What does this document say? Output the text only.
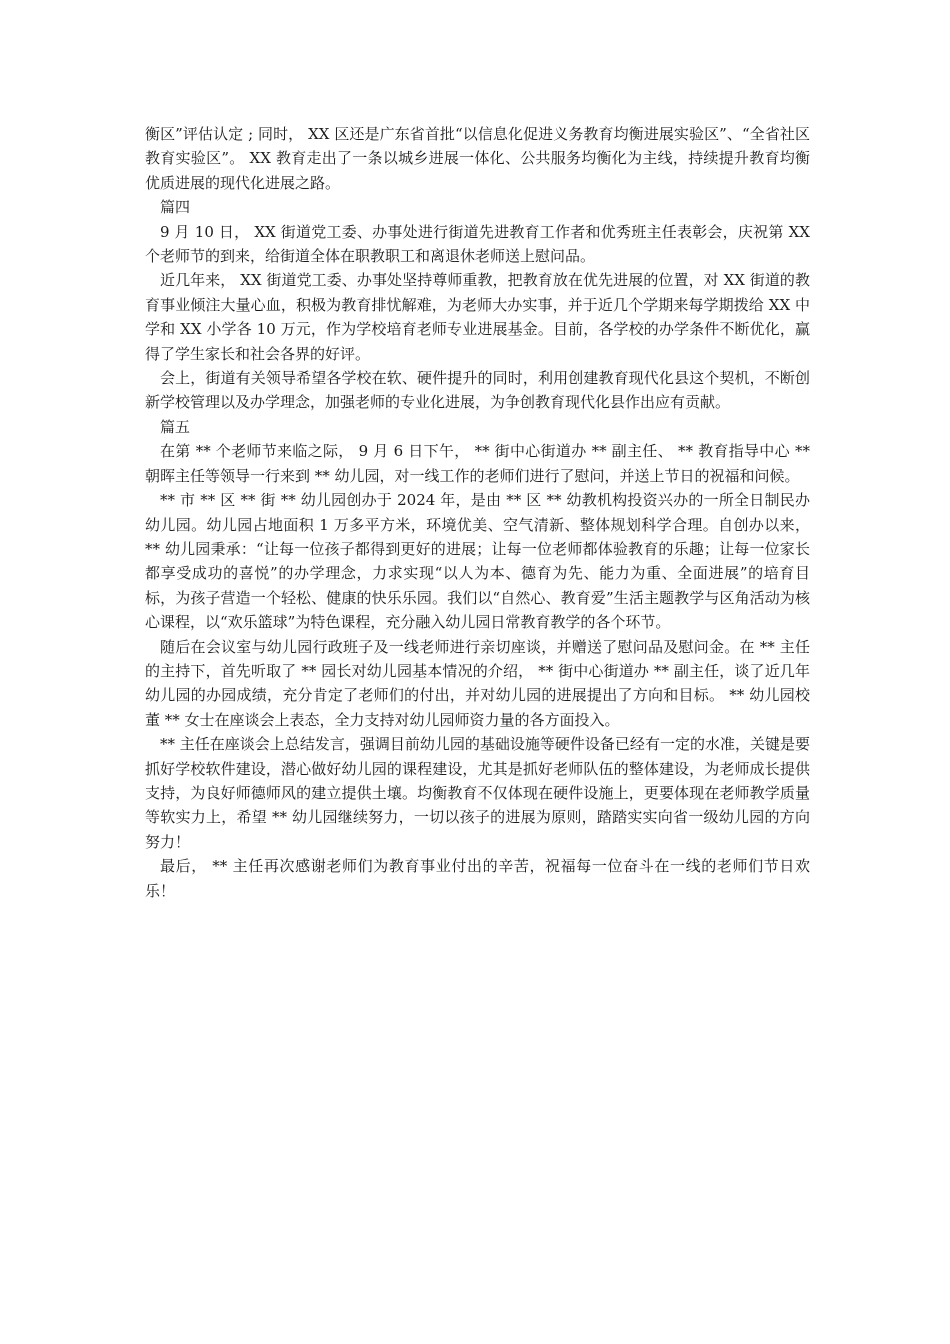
衡区”评估认定 ; 同时， XX 区还是广东省首批“以信息化促进义务教育均衡进展实验区”、“全省社区教育实验区”。 XX 教育走出了一条以城乡进展一体化、公共服务均衡化为主线，持续提升教育均衡优质进展的现代化进展之路。

篇四

9 月 10 日， XX 街道党工委、办事处进行街道先进教育工作者和优秀班主任表彰会，庆祝第 XX 个老师节的到来，给街道全体在职教职工和离退休老师送上慰问品。

近几年来， XX 街道党工委、办事处坚持尊师重教，把教育放在优先进展的位置，对 XX 街道的教育事业倾注大量心血，积极为教育排忧解难，为老师大办实事，并于近几个学期来每学期拨给 XX 中学和 XX 小学各 10 万元，作为学校培育老师专业进展基金。目前，各学校的办学条件不断优化，赢得了学生家长和社会各界的好评。

会上，街道有关领导希望各学校在软、硬件提升的同时，利用创建教育现代化县这个契机，不断创新学校管理以及办学理念，加强老师的专业化进展，为争创教育现代化县作出应有贡献。

篇五

在第 ** 个老师节来临之际， 9 月 6 日下午， ** 街中心街道办 ** 副主任、 ** 教育指导中心 ** 朝晖主任等领导一行来到 ** 幼儿园，对一线工作的老师们进行了慰问，并送上节日的祝福和问候。

** 市 ** 区 ** 街 ** 幼儿园创办于 2024 年，是由 ** 区 ** 幼教机构投资兴办的一所全日制民办幼儿园。幼儿园占地面积 1 万多平方米，环境优美、空气清新、整体规划科学合理。自创办以来， ** 幼儿园秉承：“让每一位孩子都得到更好的进展；让每一位老师都体验教育的乐趣；让每一位家长都享受成功的喜悦”的办学理念，力求实现“以人为本、德育为先、能力为重、全面进展”的培育目标，为孩子营造一个轻松、健康的快乐乐园。我们以“自然心、教育爱”生活主题教学与区角活动为核心课程，以“欢乐篮球”为特色课程，充分融入幼儿园日常教育教学的各个环节。

随后在会议室与幼儿园行政班子及一线老师进行亲切座谈，并赠送了慰问品及慰问金。在 ** 主任的主持下，首先听取了 ** 园长对幼儿园基本情况的介绍， ** 街中心街道办 ** 副主任，谈了近几年幼儿园的办园成绩，充分肯定了老师们的付出，并对幼儿园的进展提出了方向和目标。 ** 幼儿园校董 ** 女士在座谈会上表态，全力支持对幼儿园师资力量的各方面投入。

** 主任在座谈会上总结发言，强调目前幼儿园的基础设施等硬件设备已经有一定的水准，关键是要抓好学校软件建设，潜心做好幼儿园的课程建设，尤其是抓好老师队伍的整体建设，为老师成长提供支持，为良好师德师风的建立提供土壤。均衡教育不仅体现在硬件设施上，更要体现在老师教学质量等软实力上，希望 ** 幼儿园继续努力，一切以孩子的进展为原则，踏踏实实向省一级幼儿园的方向努力！

最后， ** 主任再次感谢老师们为教育事业付出的辛苦，祝福每一位奋斗在一线的老师们节日欢乐！
